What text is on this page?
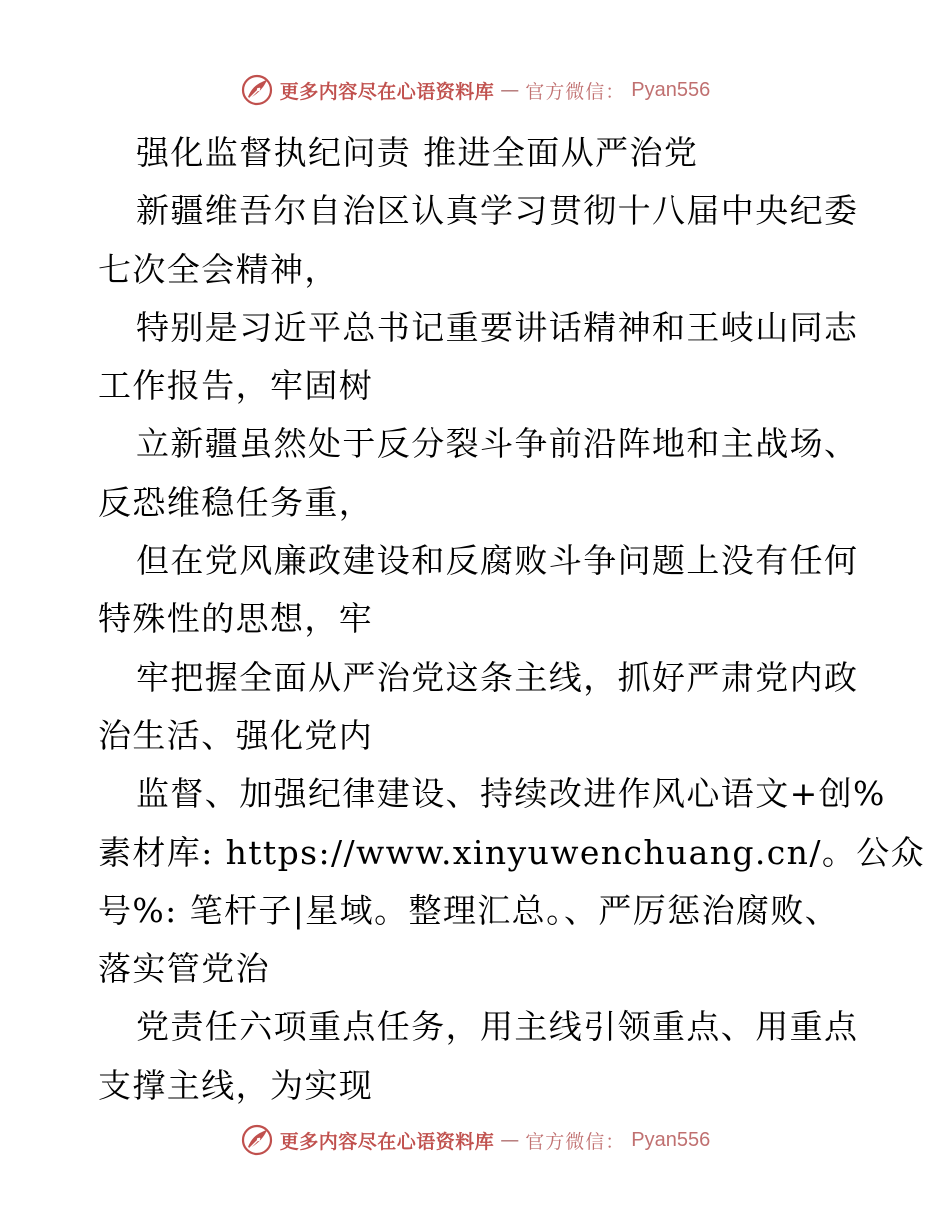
更多内容尽在心语资料库 — 官方微信： Pyan556
强化监督执纪问责 推进全面从严治党
新疆维吾尔自治区认真学习贯彻十八届中央纪委
七次全会精神，
特别是习近平总书记重要讲话精神和王岐山同志
工作报告，牢固树
立新疆虽然处于反分裂斗争前沿阵地和主战场、
反恐维稳任务重，
但在党风廉政建设和反腐败斗争问题上没有任何
特殊性的思想，牢
牢把握全面从严治党这条主线，抓好严肃党内政
治生活、强化党内
监督、加强纪律建设、持续改进作风心语文+创%
素材库: https://www.xinyuwenchuang.cn/。公众
号%: 笔杆子|星域。整理汇总。、严厉惩治腐败、
落实管党治
党责任六项重点任务，用主线引领重点、用重点
支撑主线，为实现
更多内容尽在心语资料库 — 官方微信： Pyan556
